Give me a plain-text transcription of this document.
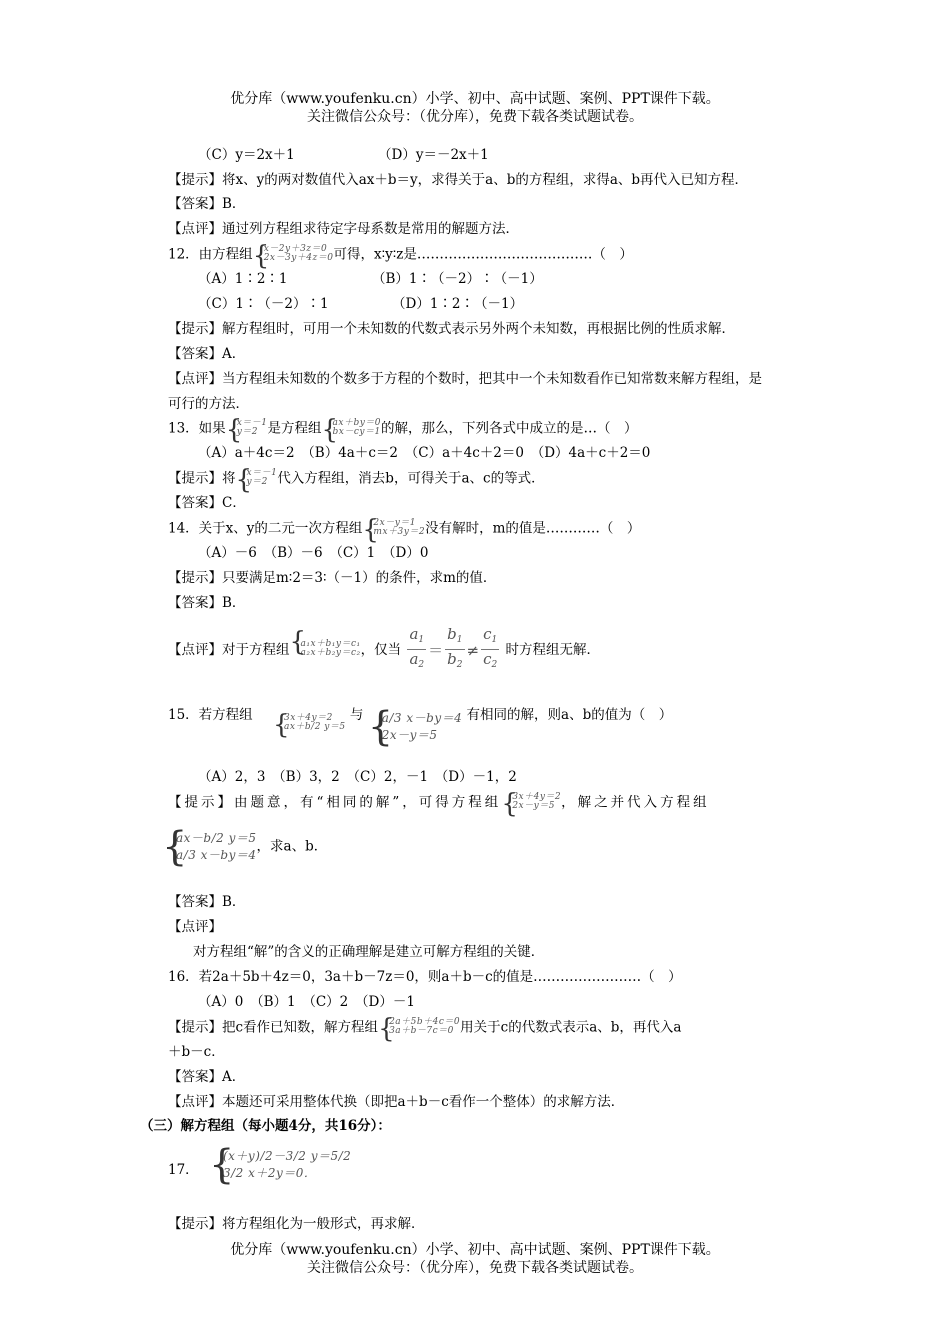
优分库（www.youfenku.cn）小学、初中、高中试题、案例、PPT课件下载。
关注微信公众号：（优分库），免费下载各类试题试卷。
（C）y＝2x＋1	（D）y＝－2x＋1
【提示】将x、y的两对数值代入ax＋b＝y，求得关于a、b的方程组，求得a、b再代入已知方程．
【答案】B．
【点评】通过列方程组求待定字母系数是常用的解题方法．
12．由方程组 {
x－2y＋3z＝0
2x－3y＋4z＝0 可得，x∶y∶z是…………………………………（　）
（A）1∶2∶1	（B）1∶（－2）∶（－1）
（C）1∶（－2）∶1	（D）1∶2∶（－1）
【提示】解方程组时，可用一个未知数的代数式表示另外两个未知数，再根据比例的性质求解．
【答案】A．
【点评】当方程组未知数的个数多于方程的个数时，把其中一个未知数看作已知常数来解方程组，是
可行的方法．
13．如果 {
x＝－1
y＝2 是方程组 {
ax＋by＝0
bx－cy＝1 的解，那么，下列各式中成立的是…（　）
（A）a＋4c＝2　（B）4a＋c＝2　（C）a＋4c＋2＝0　（D）4a＋c＋2＝0
【提示】将 {
x＝－1
y＝2 代入方程组，消去b，可得关于a、c的等式．
【答案】C．
14．关于x、y的二元一次方程组 {
2x－y＝1
mx＋3y＝2 没有解时，m的值是…………（　）
（A）－6　（B）－6　（C）1　（D）0
【提示】只要满足m∶2＝3∶（－1）的条件，求m的值．
【答案】B．
【点评】对于方程组 {
a₁x＋b₁y＝c₁
a₂x＋b₂y＝c₂ ，仅当 $\frac{a_1}{a_2} = \frac{b_1}{b_2} \ne \frac{c_1}{c_2}$ 时方程组无解．
15．若方程组 {
3x＋4y＝2
ax＋b/2 y＝5
与 {
a/3 x－by＝4
2x－y＝5
有相同的解，则a、b的值为（　）
（A）2，3　（B）3，2　（C）2，－1　（D）－1，2
【提示】由题意，有“相同的解”，可得方程组 {
3x＋4y＝2
2x－y＝5 ，解之并代入方程组
{
ax－b/2 y＝5
a/3 x－by＝4
，求a、b．
【答案】B．
【点评】
对方程组“解”的含义的正确理解是建立可解方程组的关键．
16．若2a＋5b＋4z＝0，3a＋b－7z＝0，则a＋b－c的值是……………………（　）
（A）0　（B）1　（C）2　（D）－1
【提示】把c看作已知数，解方程组 {
2a＋5b＋4c＝0
3a＋b－7c＝0 用关于c的代数式表示a、b，再代入a
＋b－c．
【答案】A．
【点评】本题还可采用整体代换（即把a＋b－c看作一个整体）的求解方法．
（三）解方程组（每小题4分，共16分）：
17． {
(x＋y)/2－3/2 y＝5/2
3/2 x＋2y＝0．
【提示】将方程组化为一般形式，再求解．
优分库（www.youfenku.cn）小学、初中、高中试题、案例、PPT课件下载。
关注微信公众号：（优分库），免费下载各类试题试卷。
